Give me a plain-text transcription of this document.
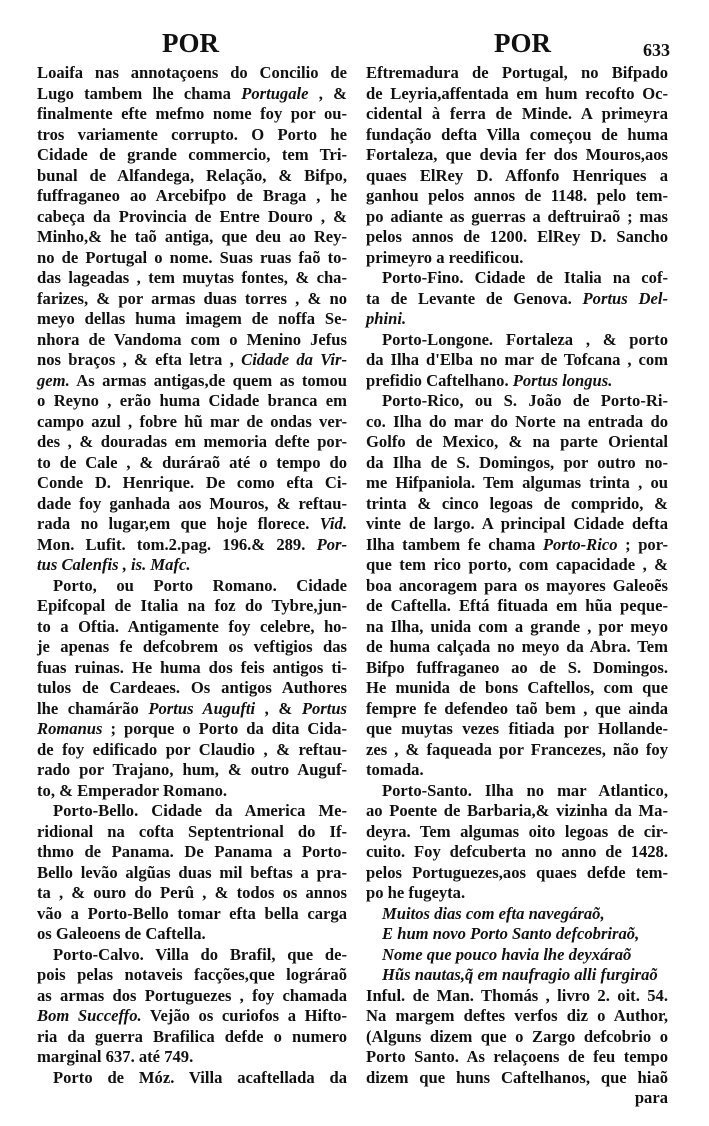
POR	POR	633
Loaifa nas annotaçoens do Concilio de
Lugo tambem lhe chama Portugale , &
finalmente efte mefmo nome foy por ou-
tros variamente corrupto. O Porto he
Cidade de grande commercio, tem Tri-
bunal de Alfandega, Relação, & Bifpo,
fuffraganeo ao Arcebifpo de Braga , he
cabeça da Provincia de Entre Douro , &
Minho,& he taõ antiga, que deu ao Rey-
no de Portugal o nome. Suas ruas faõ to-
das lageadas , tem muytas fontes, & cha-
farizes, & por armas duas torres , & no
meyo dellas huma imagem de noffa Se-
nhora de Vandoma com o Menino Jefus
nos braços , & efta letra , Cidade da Vir-
gem. As armas antigas,de quem as tomou
o Reyno , erão huma Cidade branca em
campo azul , fobre hũ mar de ondas ver-
des , & douradas em memoria defte por-
to de Cale , & duráraõ até o tempo do
Conde D. Henrique. De como efta Ci-
dade foy ganhada aos Mouros, & reftau-
rada no lugar,em que hoje florece. Vid.
Mon. Lufit. tom.2.pag. 196.& 289. Por-
tus Calenfis , is. Mafc.
Porto, ou Porto Romano. Cidade
Epifcopal de Italia na foz do Tybre,jun-
to a Oftia. Antigamente foy celebre, ho-
je apenas fe defcobrem os veftigios das
fuas ruinas. He huma dos feis antigos ti-
tulos de Cardeaes. Os antigos Authores
lhe chamárão Portus Augufti , & Portus
Romanus ; porque o Porto da dita Cida-
de foy edificado por Claudio , & reftau-
rado por Trajano, hum, & outro Auguf-
to, & Emperador Romano.
Porto-Bello. Cidade da America Me-
ridional na cofta Septentrional do If-
thmo de Panama. De Panama a Porto-
Bello levão algũas duas mil beftas a pra-
ta , & ouro do Perû , & todos os annos
vão a Porto-Bello tomar efta bella carga
os Galeoens de Caftella.
Porto-Calvo. Villa do Brafil, que de-
pois pelas notaveis facções,que lográraõ
as armas dos Portuguezes , foy chamada
Bom Succeffo. Vejão os curiofos a Hifto-
ria da guerra Brafilica defde o numero
marginal 637. até 749.
Porto de Móz. Villa acaftellada da
Eftremadura de Portugal, no Bifpado
de Leyria,affentada em hum recofto Oc-
cidental à ferra de Minde. A primeyra
fundação defta Villa começou de huma
Fortaleza, que devia fer dos Mouros,aos
quaes ElRey D. Affonfo Henriques a
ganhou pelos annos de 1148. pelo tem-
po adiante as guerras a deftruiraõ ; mas
pelos annos de 1200. ElRey D. Sancho
primeyro a reedificou.
Porto-Fino. Cidade de Italia na cof-
ta de Levante de Genova. Portus Del-
phini.
Porto-Longone. Fortaleza , & porto
da Ilha d'Elba no mar de Tofcana , com
prefidio Caftelhano. Portus longus.
Porto-Rico, ou S. João de Porto-Ri-
co. Ilha do mar do Norte na entrada do
Golfo de Mexico, & na parte Oriental
da Ilha de S. Domingos, por outro no-
me Hifpaniola. Tem algumas trinta , ou
trinta & cinco legoas de comprido, &
vinte de largo. A principal Cidade defta
Ilha tambem fe chama Porto-Rico ; por-
que tem rico porto, com capacidade , &
boa ancoragem para os mayores Galeoẽs
de Caftella. Eftá fituada em hũa peque-
na Ilha, unida com a grande , por meyo
de huma calçada no meyo da Abra. Tem
Bifpo fuffraganeo ao de S. Domingos.
He munida de bons Caftellos, com que
fempre fe defendeo taõ bem , que ainda
que muytas vezes fitiada por Hollande-
zes , & faqueada por Francezes, não foy
tomada.
Porto-Santo. Ilha no mar Atlantico,
ao Poente de Barbaria,& vizinha da Ma-
deyra. Tem algumas oito legoas de cir-
cuito. Foy defcuberta no anno de 1428.
pelos Portuguezes,aos quaes defde tem-
po he fugeyta.
Muitos dias com efta navegáraõ,
E hum novo Porto Santo defcobriraõ,
Nome que pouco havia lhe deyxáraõ
Hũs nautas,q̃ em naufragio alli furgiraõ
Inful. de Man. Thomás , livro 2. oit. 54.
Na margem deftes verfos diz o Author,
(Alguns dizem que o Zargo defcobrio o
Porto Santo. As relaçoens de feu tempo
dizem que huns Caftelhanos, que hiaõ
para
